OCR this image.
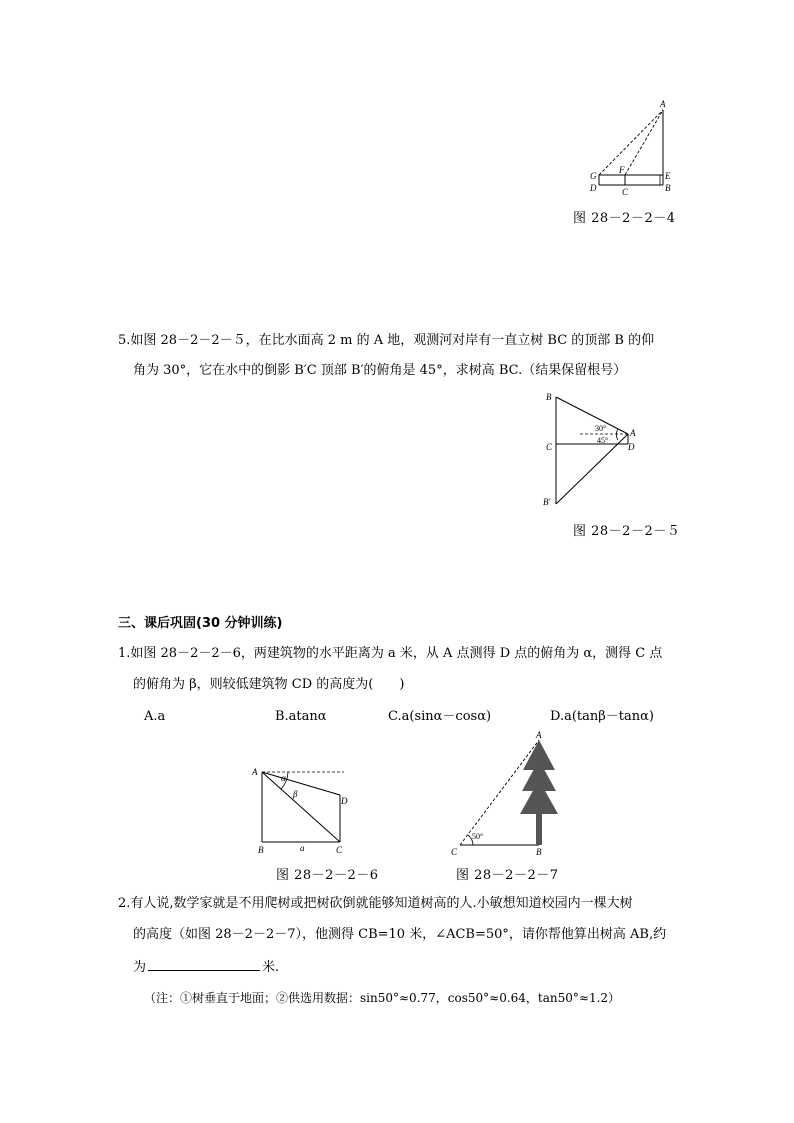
A
F
G	E
D	C	B
图 28－2－2－4
5.如图 28－2－2－５，在比水面高 2 m 的 A 地，观测河对岸有一直立树 BC 的顶部 B 的仰
角为 30°，它在水中的倒影 B′C 顶部 B′的俯角是 45°，求树高 BC.（结果保留根号）
B
C
B′
A
D
30°
45°
图 28－2－2－５
三、课后巩固(30 分钟训练)
1.如图 28－2－2－6，两建筑物的水平距离为 a 米，从 A 点测得 D 点的俯角为 α，测得 C 点
的俯角为 β，则较低建筑物 CD 的高度为(　　)
A.a	B.atanα	C.a(sinα－cosα)	D.a(tanβ－tanα)
A
α
β
D
B	a	C
图 28－2－2－6
A
50°
C	B
图 28－2－2－7
2.有人说,数学家就是不用爬树或把树砍倒就能够知道树高的人.小敏想知道校园内一棵大树
的高度（如图 28－2－2－7），他测得 CB=10 米，∠ACB=50°，请你帮他算出树高 AB,约
为	米.
（注：①树垂直于地面；②供选用数据：sin50°≈0.77，cos50°≈0.64，tan50°≈1.2）
